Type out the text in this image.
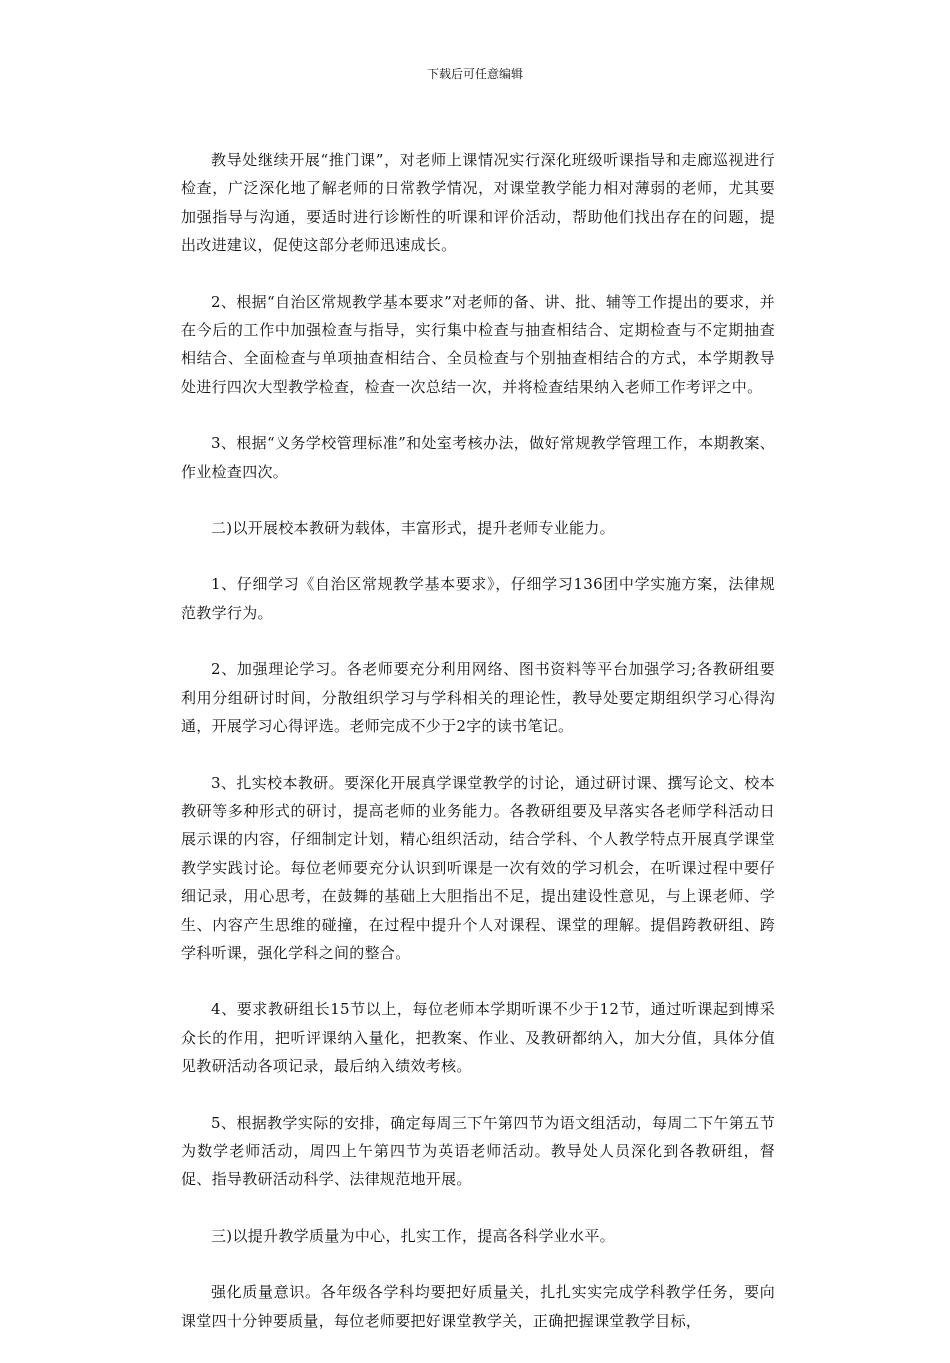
下载后可任意编辑

教导处继续开展“推门课”，对老师上课情况实行深化班级听课指导和走廊巡视进行检查，广泛深化地了解老师的日常教学情况，对课堂教学能力相对薄弱的老师，尤其要加强指导与沟通，要适时进行诊断性的听课和评价活动，帮助他们找出存在的问题，提出改进建议，促使这部分老师迅速成长。

2、根据“自治区常规教学基本要求”对老师的备、讲、批、辅等工作提出的要求，并在今后的工作中加强检查与指导，实行集中检查与抽查相结合、定期检查与不定期抽查相结合、全面检查与单项抽查相结合、全员检查与个别抽查相结合的方式，本学期教导处进行四次大型教学检查，检查一次总结一次，并将检查结果纳入老师工作考评之中。

3、根据“义务学校管理标准”和处室考核办法，做好常规教学管理工作，本期教案、作业检查四次。

二)以开展校本教研为载体，丰富形式，提升老师专业能力。

1、仔细学习《自治区常规教学基本要求》，仔细学习136团中学实施方案，法律规范教学行为。

2、加强理论学习。各老师要充分利用网络、图书资料等平台加强学习;各教研组要利用分组研讨时间，分散组织学习与学科相关的理论性，教导处要定期组织学习心得沟通，开展学习心得评选。老师完成不少于2字的读书笔记。

3、扎实校本教研。要深化开展真学课堂教学的讨论，通过研讨课、撰写论文、校本教研等多种形式的研讨，提高老师的业务能力。各教研组要及早落实各老师学科活动日展示课的内容，仔细制定计划，精心组织活动，结合学科、个人教学特点开展真学课堂教学实践讨论。每位老师要充分认识到听课是一次有效的学习机会，在听课过程中要仔细记录，用心思考，在鼓舞的基础上大胆指出不足，提出建设性意见，与上课老师、学生、内容产生思维的碰撞，在过程中提升个人对课程、课堂的理解。提倡跨教研组、跨学科听课，强化学科之间的整合。

4、要求教研组长15节以上，每位老师本学期听课不少于12节，通过听课起到博采众长的作用，把听评课纳入量化，把教案、作业、及教研都纳入，加大分值，具体分值见教研活动各项记录，最后纳入绩效考核。

5、根据教学实际的安排，确定每周三下午第四节为语文组活动，每周二下午第五节为数学老师活动，周四上午第四节为英语老师活动。教导处人员深化到各教研组，督促、指导教研活动科学、法律规范地开展。

三)以提升教学质量为中心，扎实工作，提高各科学业水平。

强化质量意识。各年级各学科均要把好质量关，扎扎实实完成学科教学任务，要向课堂四十分钟要质量，每位老师要把好课堂教学关，正确把握课堂教学目标，
